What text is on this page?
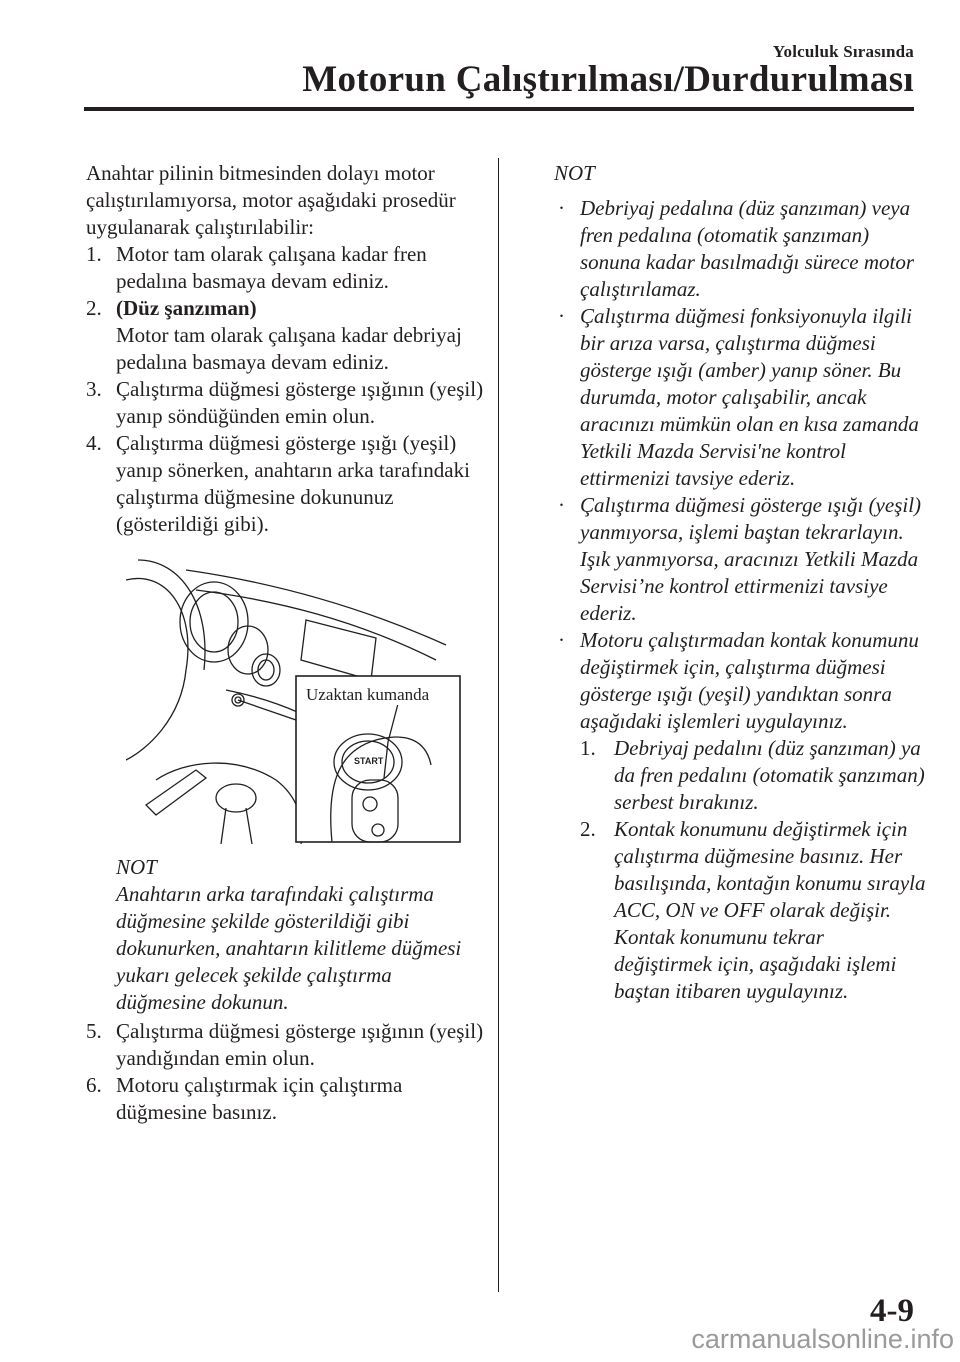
Yolculuk Sırasında
Motorun Çalıştırılması/Durdurulması

Anahtar pilinin bitmesinden dolayı motor çalıştırılamıyorsa, motor aşağıdaki prosedür uygulanarak çalıştırılabilir:

1. Motor tam olarak çalışana kadar fren pedalına basmaya devam ediniz.
2. (Düz şanzıman)
Motor tam olarak çalışana kadar debriyaj pedalına basmaya devam ediniz.
3. Çalıştırma düğmesi gösterge ışığının (yeşil) yanıp söndüğünden emin olun.
4. Çalıştırma düğmesi gösterge ışığı (yeşil) yanıp sönerken, anahtarın arka tarafındaki çalıştırma düğmesine dokununuz (gösterildiği gibi).
START
Uzaktan kumanda
NOT
Anahtarın arka tarafındaki çalıştırma düğmesine şekilde gösterildiği gibi dokunurken, anahtarın kilitleme düğmesi yukarı gelecek şekilde çalıştırma düğmesine dokunun.
5. Çalıştırma düğmesi gösterge ışığının (yeşil) yandığından emin olun.
6. Motoru çalıştırmak için çalıştırma düğmesine basınız.
NOT
· Debriyaj pedalına (düz şanzıman) veya fren pedalına (otomatik şanzıman) sonuna kadar basılmadığı sürece motor çalıştırılamaz.
· Çalıştırma düğmesi fonksiyonuyla ilgili bir arıza varsa, çalıştırma düğmesi gösterge ışığı (amber) yanıp söner. Bu durumda, motor çalışabilir, ancak aracınızı mümkün olan en kısa zamanda Yetkili Mazda Servisi'ne kontrol ettirmenizi tavsiye ederiz.
· Çalıştırma düğmesi gösterge ışığı (yeşil) yanmıyorsa, işlemi baştan tekrarlayın. Işık yanmıyorsa, aracınızı Yetkili Mazda Servisi’ne kontrol ettirmenizi tavsiye ederiz.
· Motoru çalıştırmadan kontak konumunu değiştirmek için, çalıştırma düğmesi gösterge ışığı (yeşil) yandıktan sonra aşağıdaki işlemleri uygulayınız.
1. Debriyaj pedalını (düz şanzıman) ya da fren pedalını (otomatik şanzıman) serbest bırakınız.
2. Kontak konumunu değiştirmek için çalıştırma düğmesine basınız. Her basılışında, kontağın konumu sırayla ACC, ON ve OFF olarak değişir. Kontak konumunu tekrar değiştirmek için, aşağıdaki işlemi baştan itibaren uygulayınız.
4-9
carmanualsonline.info
